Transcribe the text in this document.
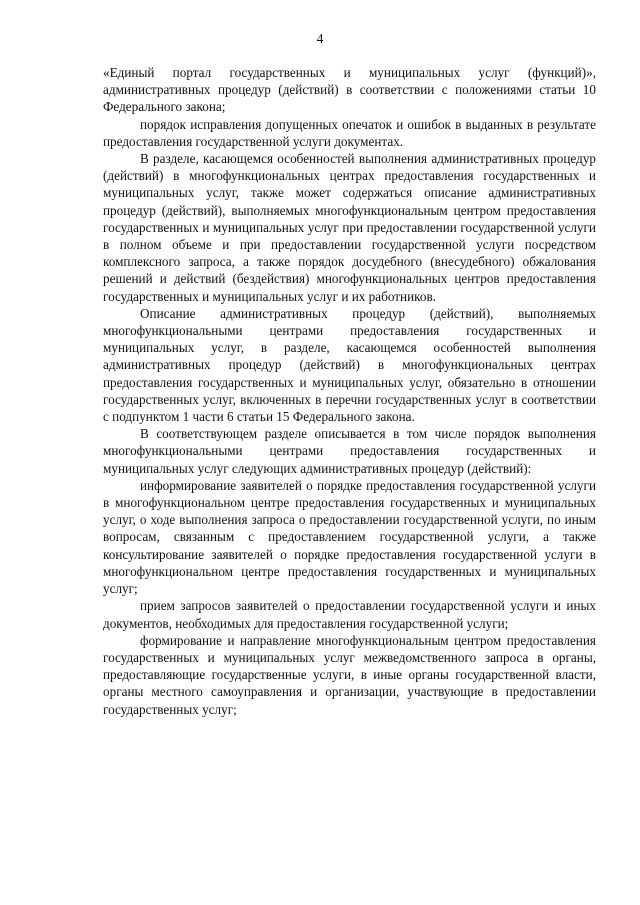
4

«Единый портал государственных и муниципальных услуг (функций)», административных процедур (действий) в соответствии с положениями статьи 10 Федерального закона;

порядок исправления допущенных опечаток и ошибок в выданных в результате предоставления государственной услуги документах.

В разделе, касающемся особенностей выполнения административных процедур (действий) в многофункциональных центрах предоставления государственных и муниципальных услуг, также может содержаться описание административных процедур (действий), выполняемых многофункциональным центром предоставления государственных и муниципальных услуг при предоставлении государственной услуги в полном объеме и при предоставлении государственной услуги посредством комплексного запроса, а также порядок досудебного (внесудебного) обжалования решений и действий (бездействия) многофункциональных центров предоставления государственных и муниципальных услуг и их работников.

Описание административных процедур (действий), выполняемых многофункциональными центрами предоставления государственных и муниципальных услуг, в разделе, касающемся особенностей выполнения административных процедур (действий) в многофункциональных центрах предоставления государственных и муниципальных услуг, обязательно в отношении государственных услуг, включенных в перечни государственных услуг в соответствии с подпунктом 1 части 6 статьи 15 Федерального закона.

В соответствующем разделе описывается в том числе порядок выполнения многофункциональными центрами предоставления государственных и муниципальных услуг следующих административных процедур (действий):

информирование заявителей о порядке предоставления государственной услуги в многофункциональном центре предоставления государственных и муниципальных услуг, о ходе выполнения запроса о предоставлении государственной услуги, по иным вопросам, связанным с предоставлением государственной услуги, а также консультирование заявителей о порядке предоставления государственной услуги в многофункциональном центре предоставления государственных и муниципальных услуг;

прием запросов заявителей о предоставлении государственной услуги и иных документов, необходимых для предоставления государственной услуги;

формирование и направление многофункциональным центром предоставления государственных и муниципальных услуг межведомственного запроса в органы, предоставляющие государственные услуги, в иные органы государственной власти, органы местного самоуправления и организации, участвующие в предоставлении государственных услуг;
